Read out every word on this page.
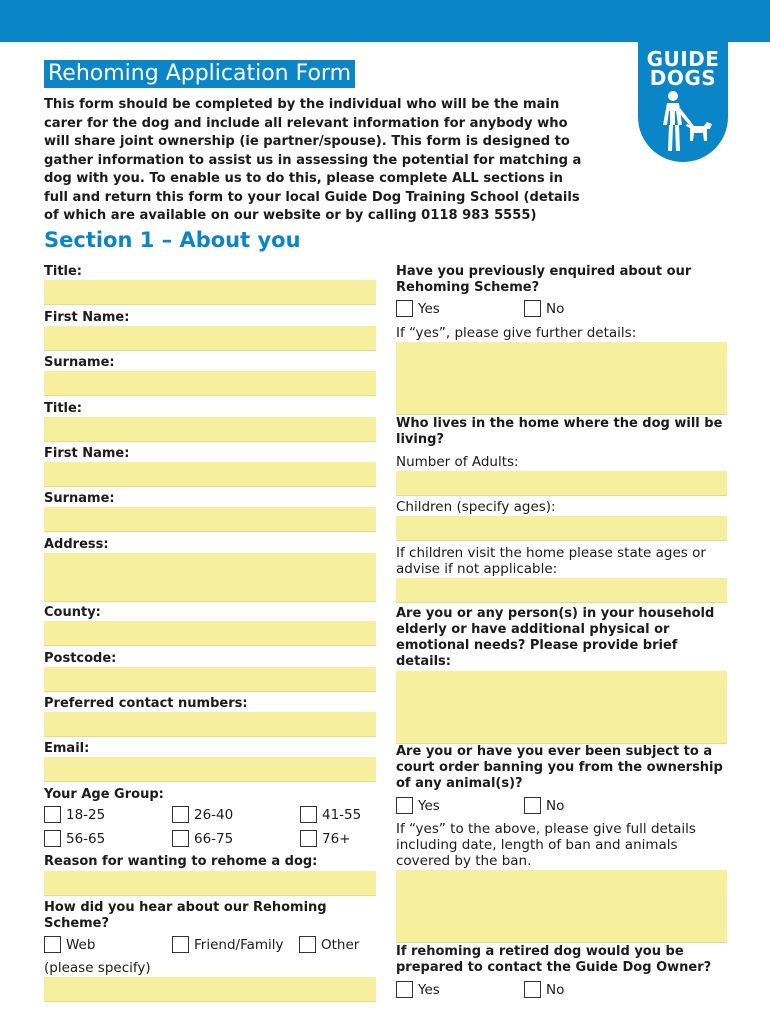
GUIDE
DOGS
Rehoming Application Form
This form should be completed by the individual who will be the main carer for the dog and include all relevant information for anybody who will share joint ownership (ie partner/spouse). This form is designed to gather information to assist us in assessing the potential for matching a dog with you. To enable us to do this, please complete ALL sections in full and return this form to your local Guide Dog Training School (details of which are available on our website or by calling 0118 983 5555)
Section 1 – About you
Title:
First Name:
Surname:
Title:
First Name:
Surname:
Address:
County:
Postcode:
Preferred contact numbers:
Email:
Your Age Group:
18-25	26-40	41-55
56-65	66-75	76+
Reason for wanting to rehome a dog:
How did you hear about our Rehoming Scheme?
Web	Friend/Family	Other
(please specify)
Have you previously enquired about our Rehoming Scheme?
Yes	No
If “yes”, please give further details:
Who lives in the home where the dog will be living?
Number of Adults:
Children (specify ages):
If children visit the home please state ages or advise if not applicable:
Are you or any person(s) in your household elderly or have additional physical or emotional needs? Please provide brief details:
Are you or have you ever been subject to a court order banning you from the ownership of any animal(s)?
Yes	No
If “yes” to the above, please give full details including date, length of ban and animals covered by the ban.
If rehoming a retired dog would you be prepared to contact the Guide Dog Owner?
Yes	No
